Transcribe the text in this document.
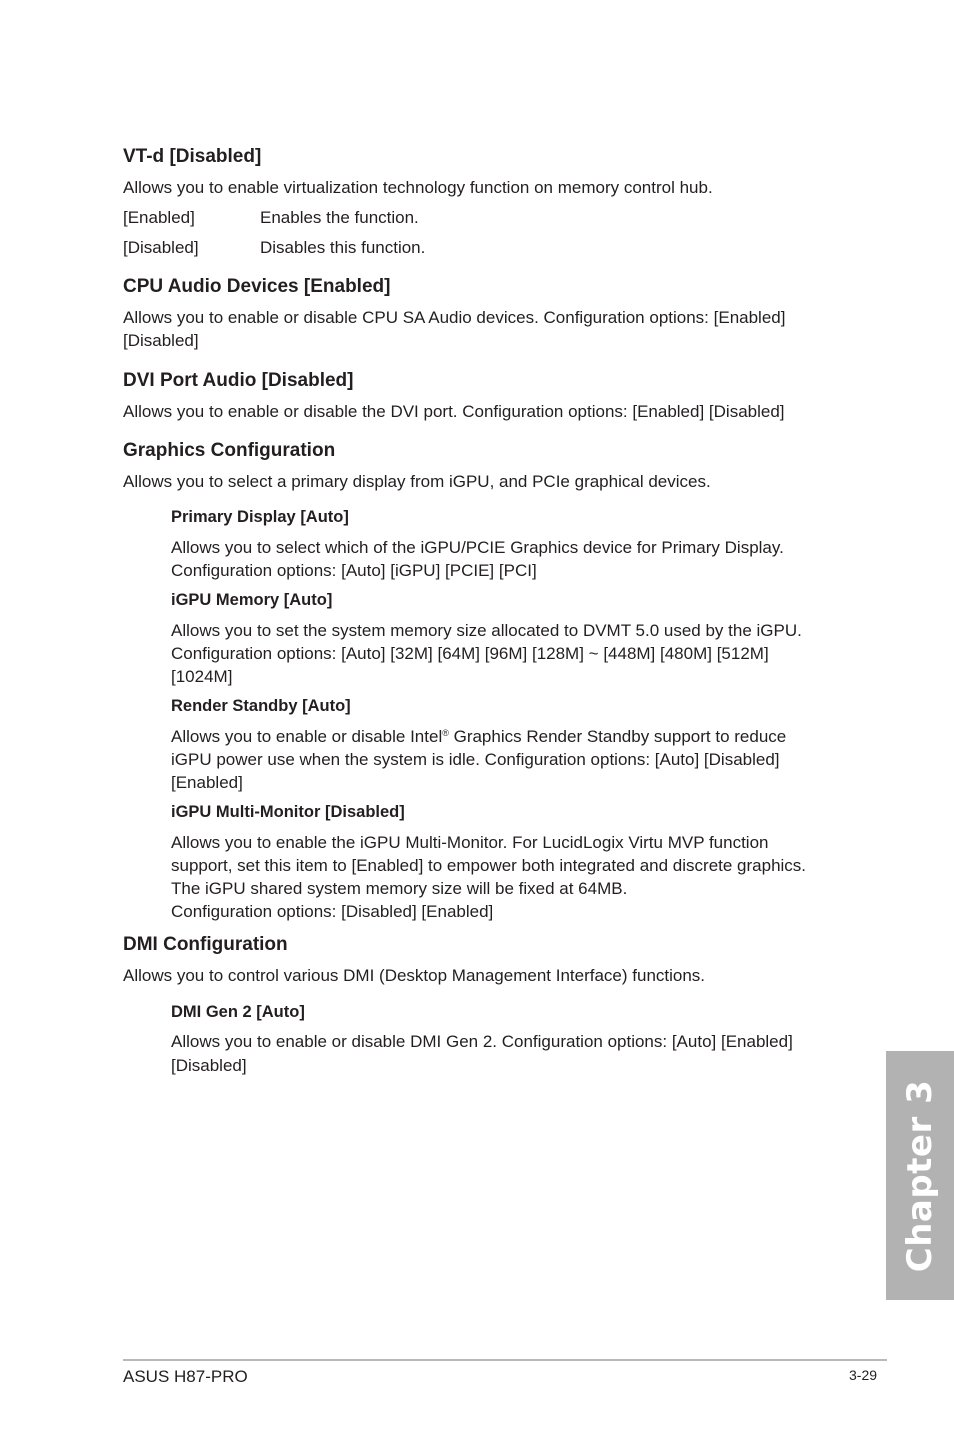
VT-d [Disabled]
Allows you to enable virtualization technology function on memory control hub.
[Enabled]	Enables the function.
[Disabled]	Disables this function.
CPU Audio Devices [Enabled]
Allows you to enable or disable CPU SA Audio devices. Configuration options: [Enabled]
[Disabled]
DVI Port Audio [Disabled]
Allows you to enable or disable the DVI port. Configuration options: [Enabled] [Disabled]
Graphics Configuration
Allows you to select a primary display from iGPU, and PCIe graphical devices.
Primary Display [Auto]
Allows you to select which of the iGPU/PCIE Graphics device for Primary Display.
Configuration options: [Auto] [iGPU] [PCIE] [PCI]
iGPU Memory [Auto]
Allows you to set the system memory size allocated to DVMT 5.0 used by the iGPU.
Configuration options: [Auto] [32M] [64M] [96M] [128M] ~ [448M] [480M] [512M]
[1024M]
Render Standby [Auto]
Allows you to enable or disable Intel® Graphics Render Standby support to reduce
iGPU power use when the system is idle. Configuration options: [Auto] [Disabled]
[Enabled]
iGPU Multi-Monitor [Disabled]
Allows you to enable the iGPU Multi-Monitor. For LucidLogix Virtu MVP function
support, set this item to [Enabled] to empower both integrated and discrete graphics.
The iGPU shared system memory size will be fixed at 64MB.
Configuration options: [Disabled] [Enabled]
DMI Configuration
Allows you to control various DMI (Desktop Management Interface) functions.
DMI Gen 2 [Auto]
Allows you to enable or disable DMI Gen 2. Configuration options: [Auto] [Enabled]
[Disabled]
Chapter 3
ASUS H87-PRO	3-29
